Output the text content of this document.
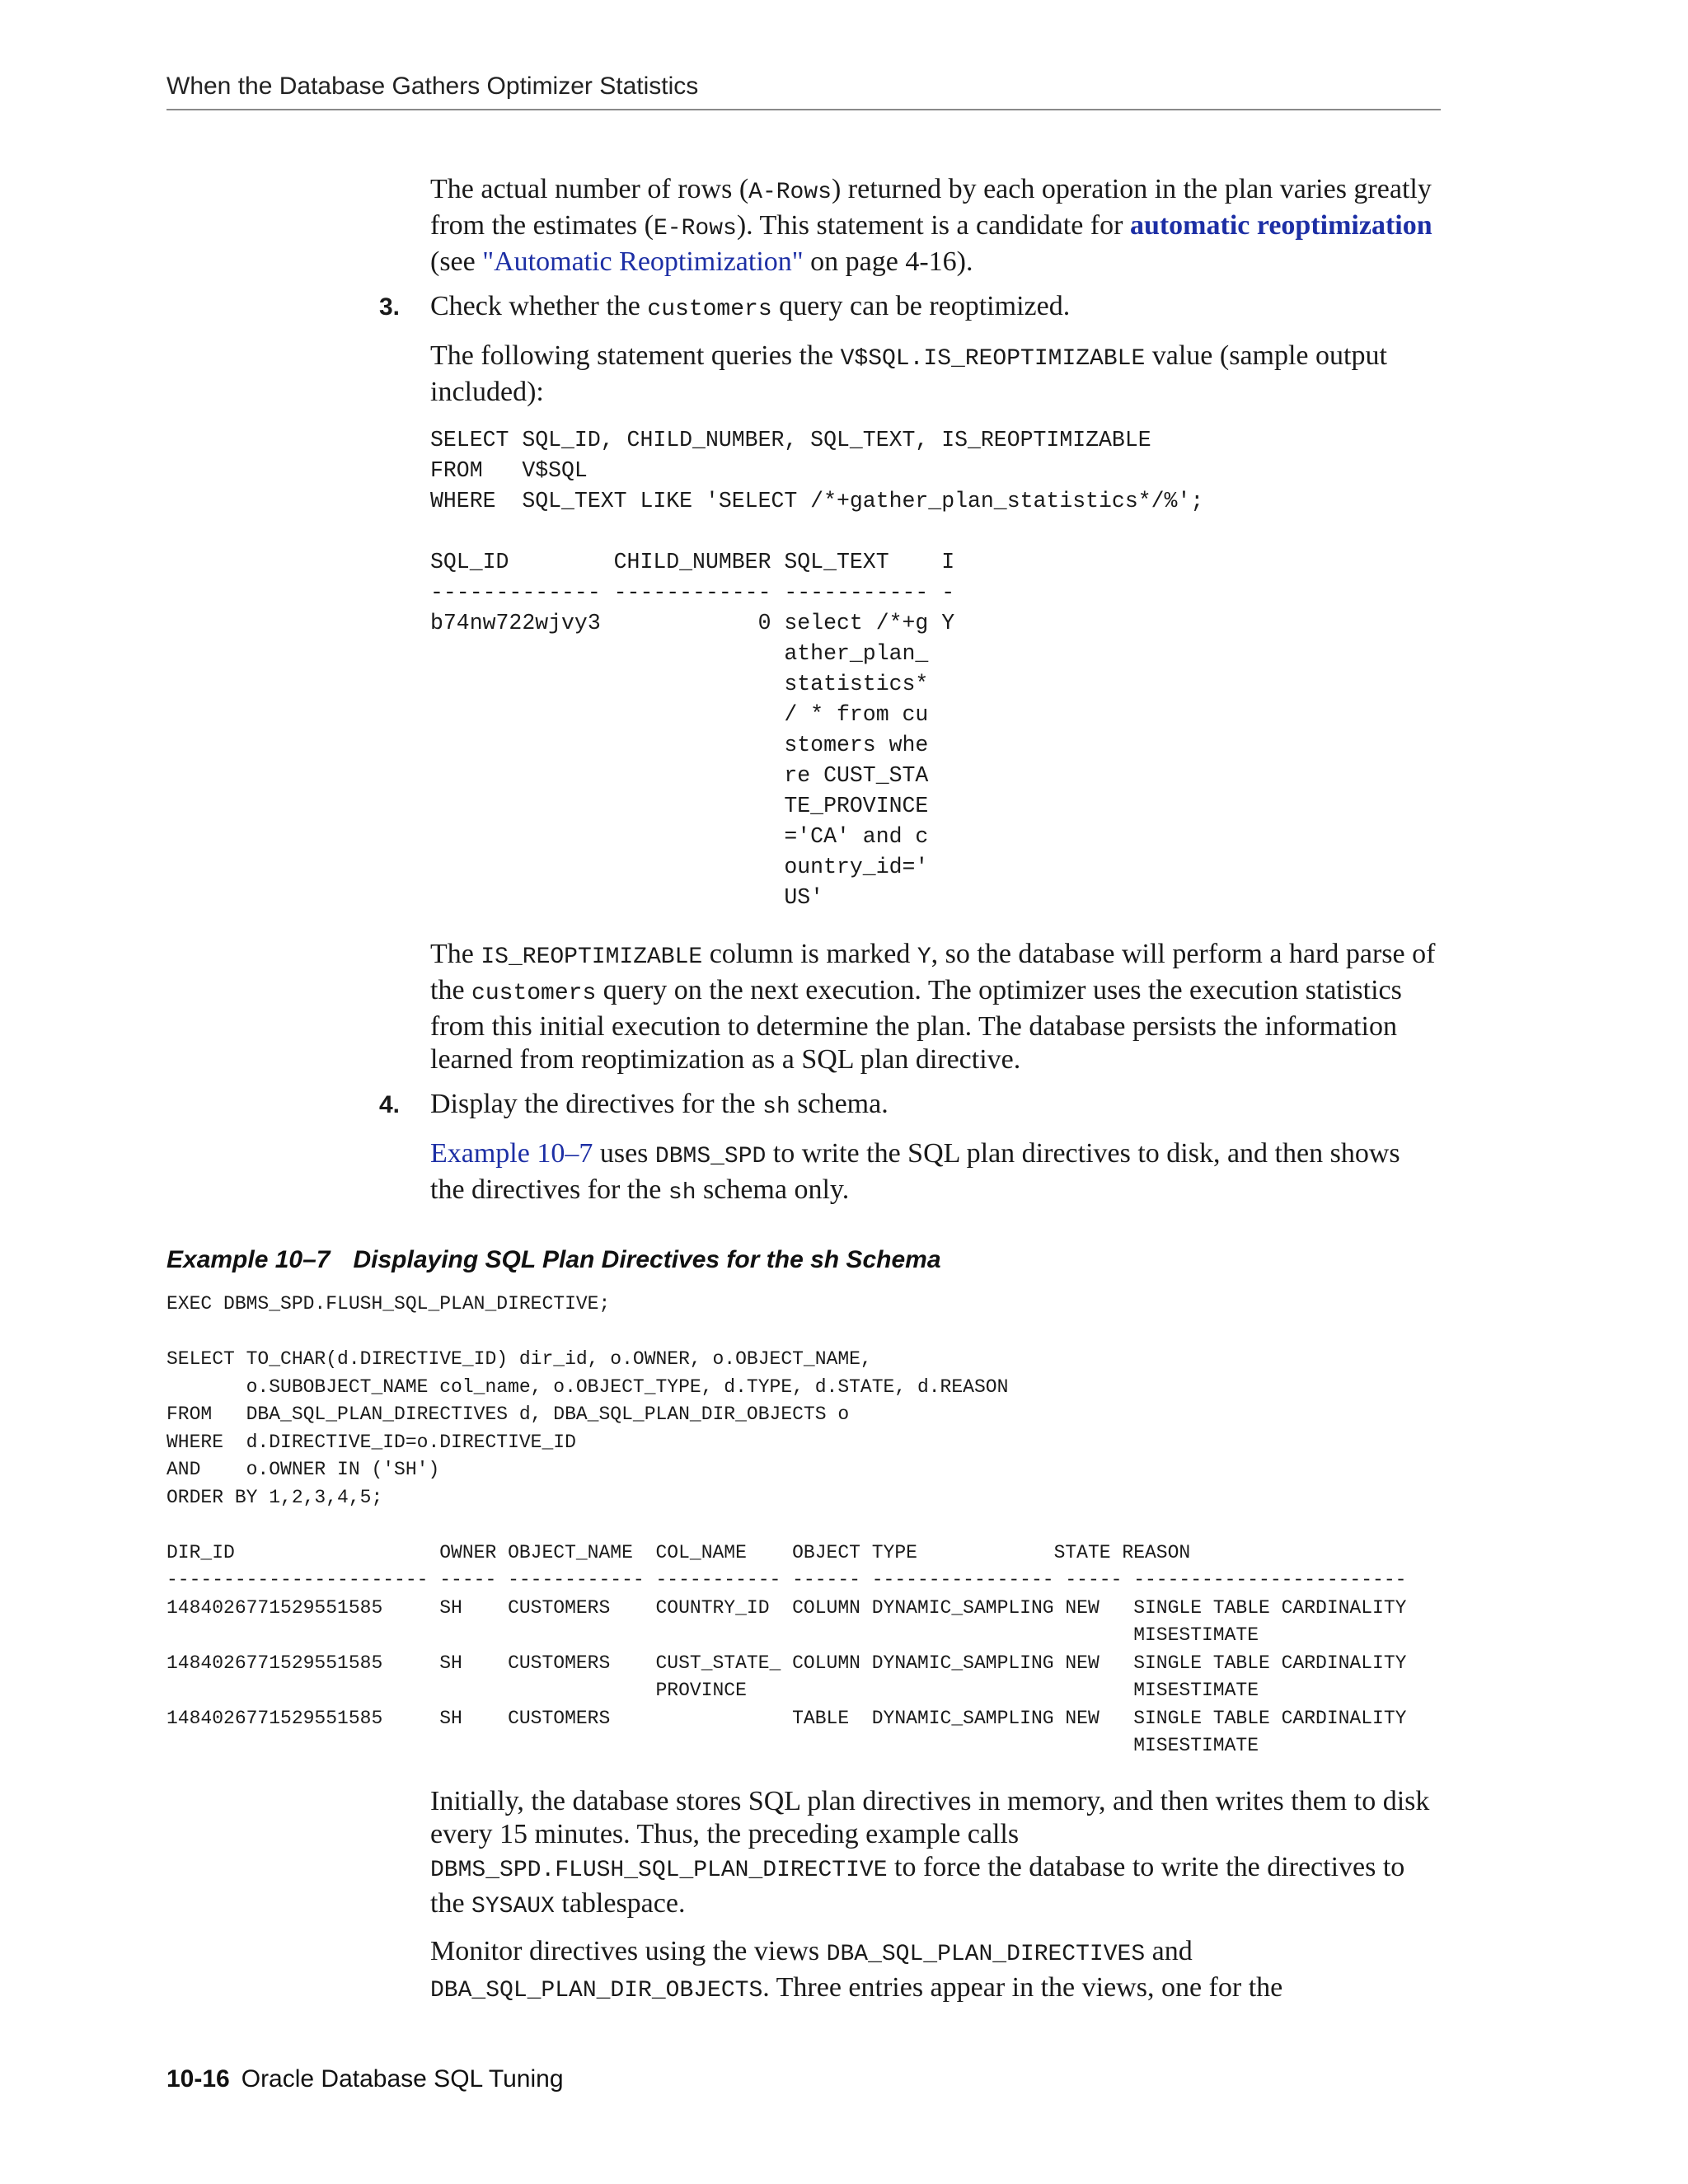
When the Database Gathers Optimizer Statistics

The actual number of rows (A-Rows) returned by each operation in the plan varies greatly from the estimates (E-Rows). This statement is a candidate for automatic reoptimization (see "Automatic Reoptimization" on page 4-16).

3. Check whether the customers query can be reoptimized.

The following statement queries the V$SQL.IS_REOPTIMIZABLE value (sample output included):

SELECT SQL_ID, CHILD_NUMBER, SQL_TEXT, IS_REOPTIMIZABLE
FROM   V$SQL
WHERE  SQL_TEXT LIKE 'SELECT /*+gather_plan_statistics*/%';

SQL_ID        CHILD_NUMBER SQL_TEXT    I
------------- ------------ ----------- -
b74nw722wjvy3            0 select /*+g Y
ather_plan_
statistics*
/ * from cu
stomers whe
re CUST_STA
TE_PROVINCE
='CA' and c
ountry_id='
US'

The IS_REOPTIMIZABLE column is marked Y, so the database will perform a hard parse of the customers query on the next execution. The optimizer uses the execution statistics from this initial execution to determine the plan. The database persists the information learned from reoptimization as a SQL plan directive.

4. Display the directives for the sh schema.

Example 10–7 uses DBMS_SPD to write the SQL plan directives to disk, and then shows the directives for the sh schema only.

Example 10–7 Displaying SQL Plan Directives for the sh Schema
EXEC DBMS_SPD.FLUSH_SQL_PLAN_DIRECTIVE;

SELECT TO_CHAR(d.DIRECTIVE_ID) dir_id, o.OWNER, o.OBJECT_NAME,
o.SUBOBJECT_NAME col_name, o.OBJECT_TYPE, d.TYPE, d.STATE, d.REASON
FROM   DBA_SQL_PLAN_DIRECTIVES d, DBA_SQL_PLAN_DIR_OBJECTS o
WHERE  d.DIRECTIVE_ID=o.DIRECTIVE_ID
AND    o.OWNER IN ('SH')
ORDER BY 1,2,3,4,5;

DIR_ID                  OWNER OBJECT_NAME  COL_NAME    OBJECT TYPE            STATE REASON
----------------------- ----- ------------ ----------- ------ ---------------- ----- ------------------------
1484026771529551585     SH    CUSTOMERS    COUNTRY_ID  COLUMN DYNAMIC_SAMPLING NEW   SINGLE TABLE CARDINALITY
MISESTIMATE
1484026771529551585     SH    CUSTOMERS    CUST_STATE_ COLUMN DYNAMIC_SAMPLING NEW   SINGLE TABLE CARDINALITY
PROVINCE                                  MISESTIMATE
1484026771529551585     SH    CUSTOMERS                TABLE  DYNAMIC_SAMPLING NEW   SINGLE TABLE CARDINALITY
MISESTIMATE

Initially, the database stores SQL plan directives in memory, and then writes them to disk every 15 minutes. Thus, the preceding example calls DBMS_SPD.FLUSH_SQL_PLAN_DIRECTIVE to force the database to write the directives to the SYSAUX tablespace.

Monitor directives using the views DBA_SQL_PLAN_DIRECTIVES and DBA_SQL_PLAN_DIR_OBJECTS. Three entries appear in the views, one for the

10-16 Oracle Database SQL Tuning
